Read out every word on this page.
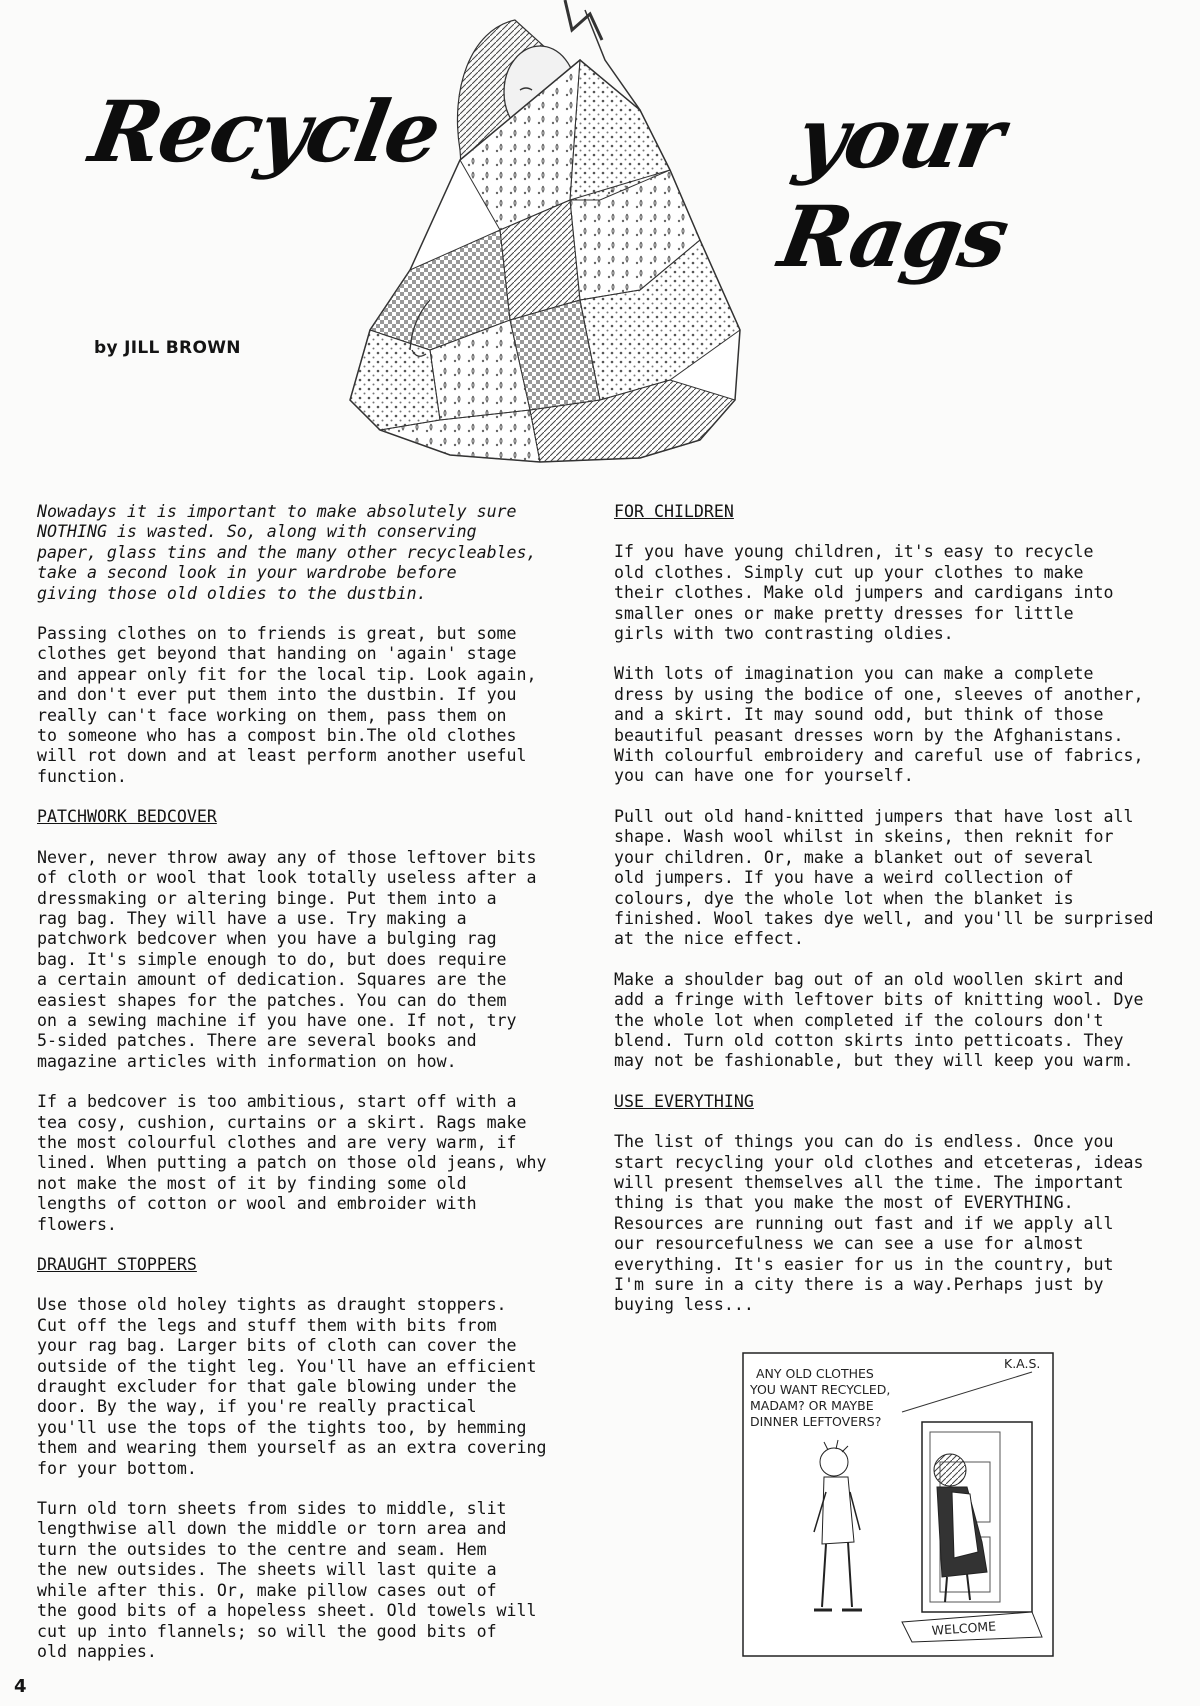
Recycle	your Rags
by JILL BROWN

Nowadays it is important to make absolutely sure
NOTHING is wasted. So, along with conserving
paper, glass tins and the many other recycleables,
take a second look in your wardrobe before
giving those old oldies to the dustbin.

Passing clothes on to friends is great, but some
clothes get beyond that handing on 'again' stage
and appear only fit for the local tip. Look again,
and don't ever put them into the dustbin. If you
really can't face working on them, pass them on
to someone who has a compost bin.The old clothes
will rot down and at least perform another useful
function.

PATCHWORK BEDCOVER

Never, never throw away any of those leftover bits
of cloth or wool that look totally useless after a
dressmaking or altering binge. Put them into a
rag bag. They will have a use. Try making a
patchwork bedcover when you have a bulging rag
bag. It's simple enough to do, but does require
a certain amount of dedication. Squares are the
easiest shapes for the patches. You can do them
on a sewing machine if you have one. If not, try
5-sided patches. There are several books and
magazine articles with information on how.

If a bedcover is too ambitious, start off with a
tea cosy, cushion, curtains or a skirt. Rags make
the most colourful clothes and are very warm, if
lined. When putting a patch on those old jeans, why
not make the most of it by finding some old
lengths of cotton or wool and embroider with
flowers.

DRAUGHT STOPPERS

Use those old holey tights as draught stoppers.
Cut off the legs and stuff them with bits from
your rag bag. Larger bits of cloth can cover the
outside of the tight leg. You'll have an efficient
draught excluder for that gale blowing under the
door. By the way, if you're really practical
you'll use the tops of the tights too, by hemming
them and wearing them yourself as an extra covering
for your bottom.

Turn old torn sheets from sides to middle, slit
lengthwise all down the middle or torn area and
turn the outsides to the centre and seam. Hem
the new outsides. The sheets will last quite a
while after this. Or, make pillow cases out of
the good bits of a hopeless sheet. Old towels will
cut up into flannels; so will the good bits of
old nappies.

FOR CHILDREN

If you have young children, it's easy to recycle
old clothes. Simply cut up your clothes to make
their clothes. Make old jumpers and cardigans into
smaller ones or make pretty dresses for little
girls with two contrasting oldies.

With lots of imagination you can make a complete
dress by using the bodice of one, sleeves of another,
and a skirt. It may sound odd, but think of those
beautiful peasant dresses worn by the Afghanistans.
With colourful embroidery and careful use of fabrics,
you can have one for yourself.

Pull out old hand-knitted jumpers that have lost all
shape. Wash wool whilst in skeins, then reknit for
your children. Or, make a blanket out of several
old jumpers. If you have a weird collection of
colours, dye the whole lot when the blanket is
finished. Wool takes dye well, and you'll be surprised
at the nice effect.

Make a shoulder bag out of an old woollen skirt and
add a fringe with leftover bits of knitting wool. Dye
the whole lot when completed if the colours don't
blend. Turn old cotton skirts into petticoats. They
may not be fashionable, but they will keep you warm.

USE EVERYTHING

The list of things you can do is endless. Once you
start recycling your old clothes and etceteras, ideas
will present themselves all the time. The important
thing is that you make the most of EVERYTHING.
Resources are running out fast and if we apply all
our resourcefulness we can see a use for almost
everything. It's easier for us in the country, but
I'm sure in a city there is a way.Perhaps just by
buying less...

K.A.S.
ANY OLD CLOTHES
YOU WANT RECYCLED,
MADAM? OR MAYBE
DINNER LEFTOVERS?
WELCOME
4
